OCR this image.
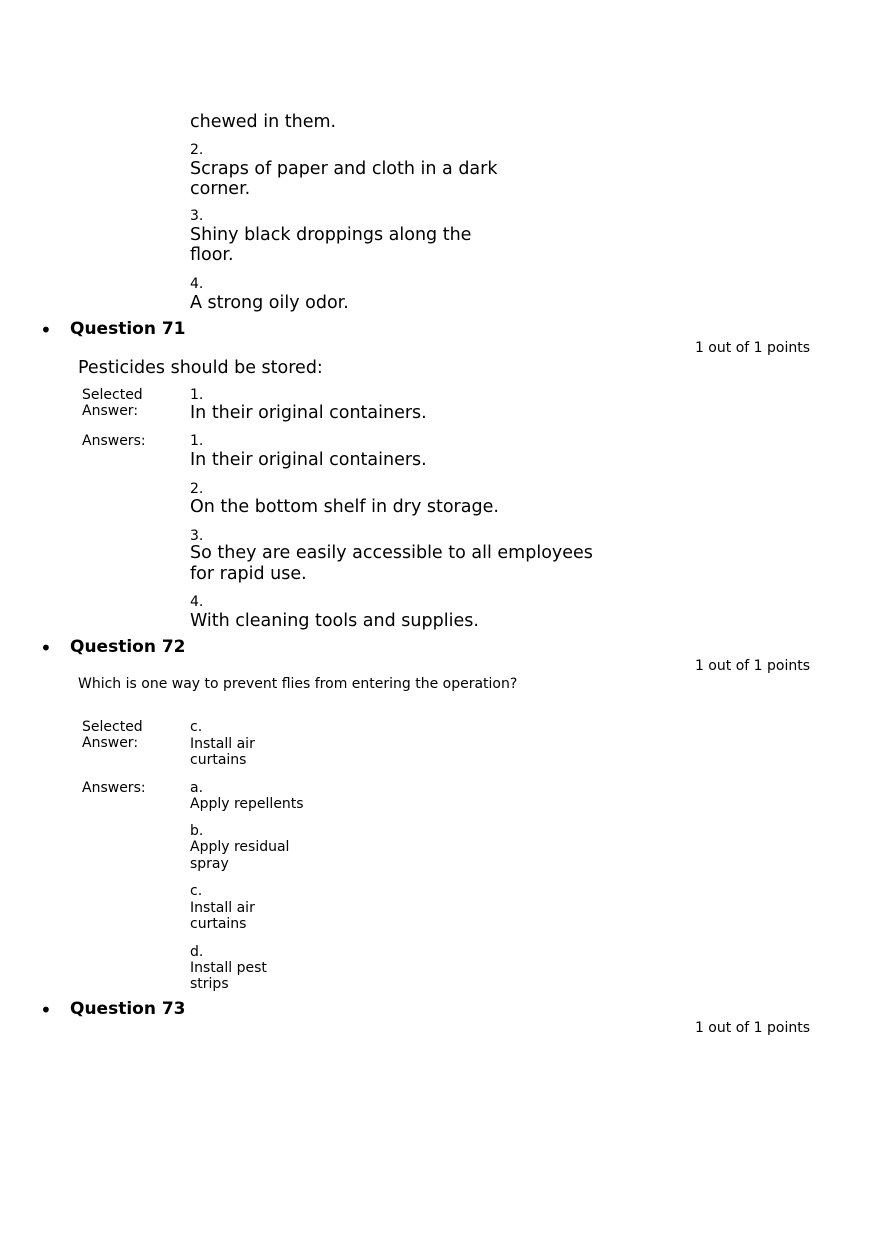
chewed in them.
2.
Scraps of paper and cloth in a dark
corner.
3.
Shiny black droppings along the
floor.
4.
A strong oily odor.
• Question 71
1 out of 1 points
Pesticides should be stored:
Selected
Answer:
1.
In their original containers.
Answers:	1.
In their original containers.
2.
On the bottom shelf in dry storage.
3.
So they are easily accessible to all employees
for rapid use.
4.
With cleaning tools and supplies.
• Question 72
1 out of 1 points
Which is one way to prevent flies from entering the operation?
Selected
Answer:
c.
Install air
curtains
Answers:	a.
Apply repellents
b.
Apply residual
spray
c.
Install air
curtains
d.
Install pest
strips
• Question 73
1 out of 1 points
